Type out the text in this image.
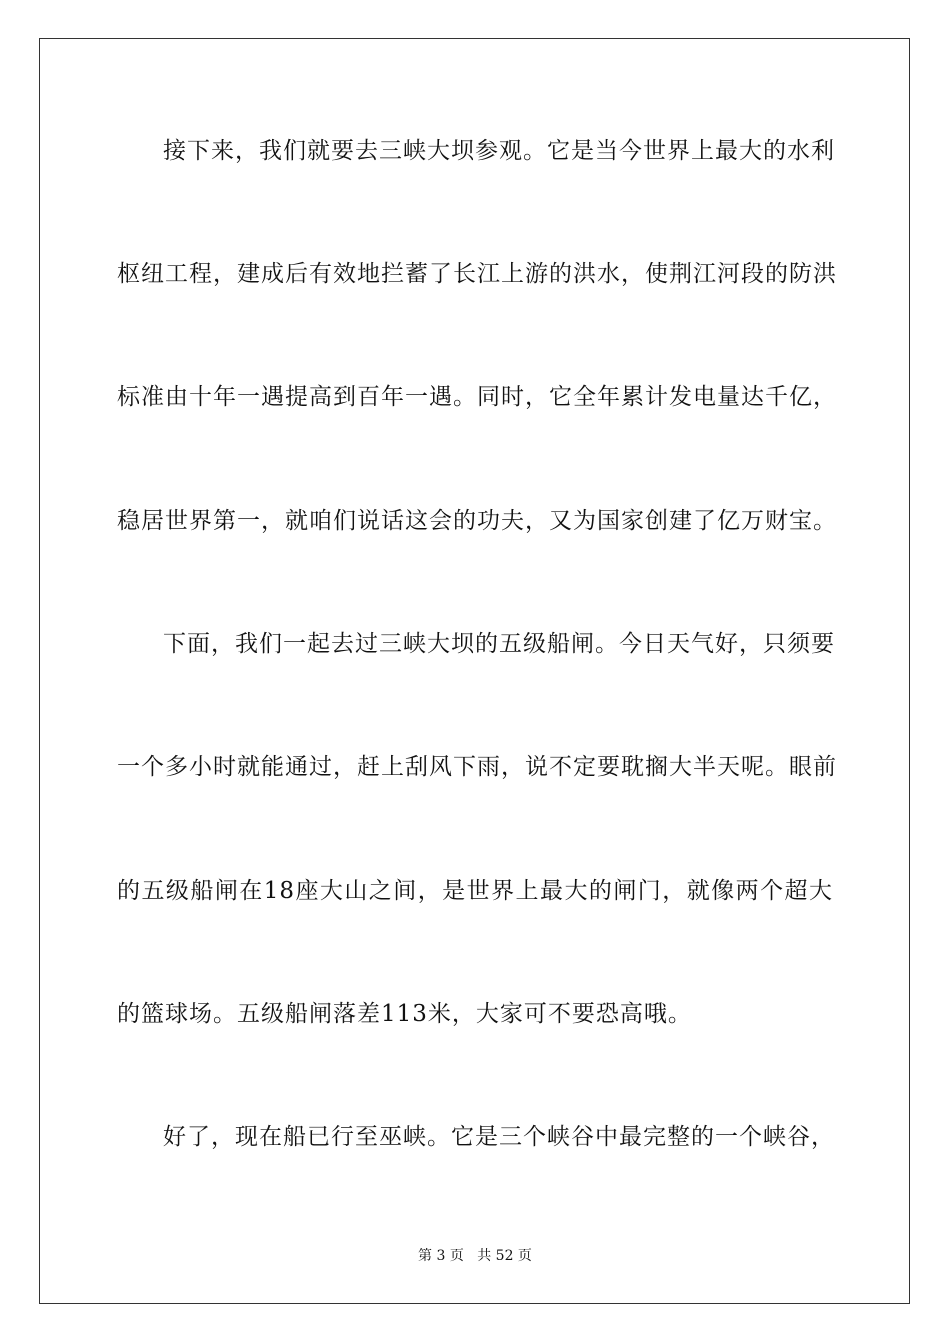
接下来，我们就要去三峡大坝参观。它是当今世界上最大的水利
枢纽工程，建成后有效地拦蓄了长江上游的洪水，使荆江河段的防洪
标准由十年一遇提高到百年一遇。同时，它全年累计发电量达千亿，
稳居世界第一，就咱们说话这会的功夫，又为国家创建了亿万财宝。
下面，我们一起去过三峡大坝的五级船闸。今日天气好，只须要
一个多小时就能通过，赶上刮风下雨，说不定要耽搁大半天呢。眼前
的五级船闸在18座大山之间，是世界上最大的闸门，就像两个超大
的篮球场。五级船闸落差113米，大家可不要恐高哦。
好了，现在船已行至巫峡。它是三个峡谷中最完整的一个峡谷，
第 3 页 共 52 页
